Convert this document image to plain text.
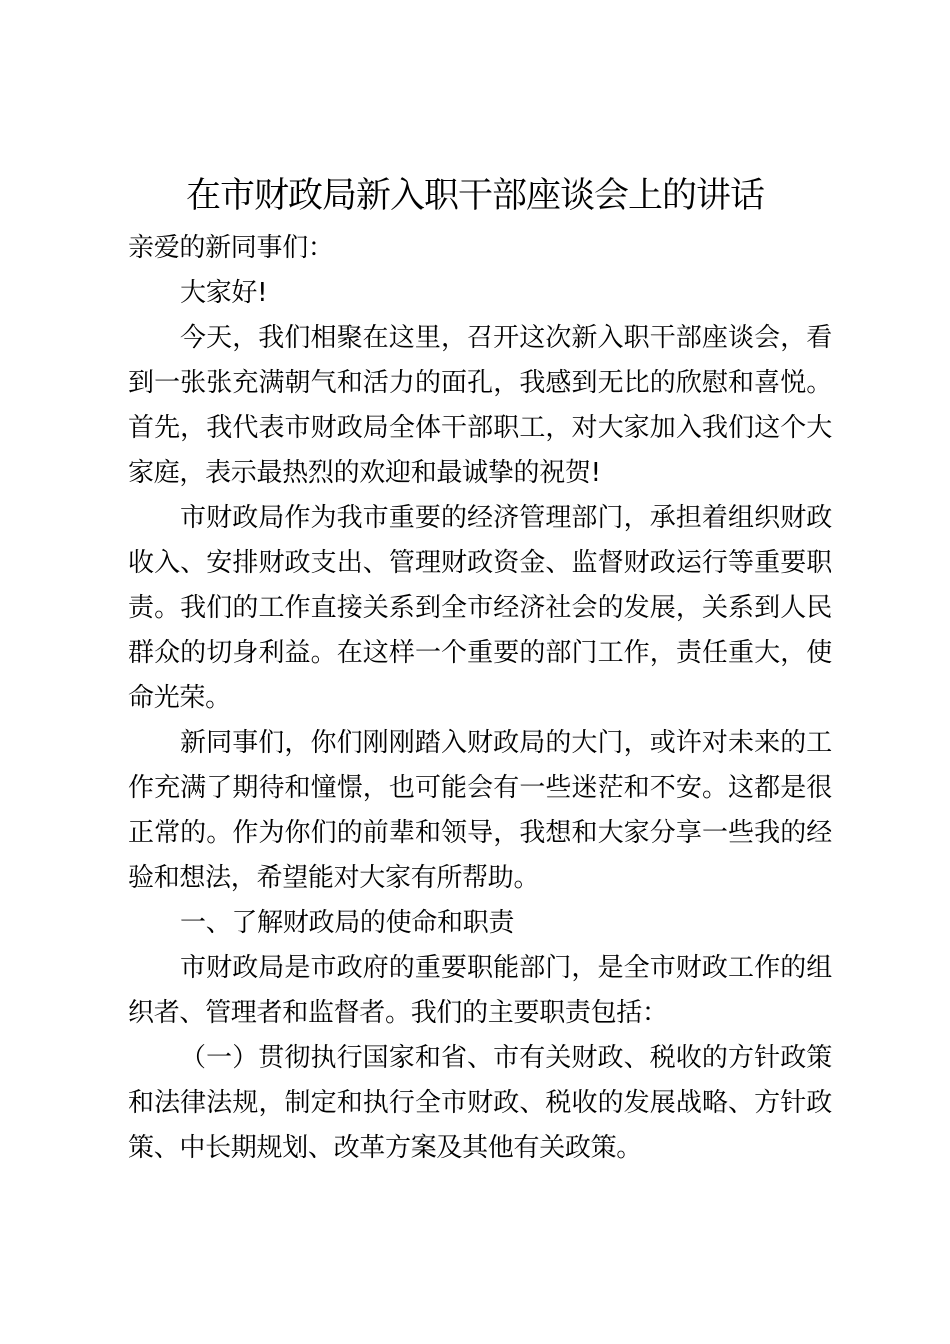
在市财政局新入职干部座谈会上的讲话

亲爱的新同事们：

大家好!

今天，我们相聚在这里，召开这次新入职干部座谈会，看到一张张充满朝气和活力的面孔，我感到无比的欣慰和喜悦。首先，我代表市财政局全体干部职工，对大家加入我们这个大家庭，表示最热烈的欢迎和最诚挚的祝贺!

市财政局作为我市重要的经济管理部门，承担着组织财政收入、安排财政支出、管理财政资金、监督财政运行等重要职责。我们的工作直接关系到全市经济社会的发展，关系到人民群众的切身利益。在这样一个重要的部门工作，责任重大，使命光荣。

新同事们，你们刚刚踏入财政局的大门，或许对未来的工作充满了期待和憧憬，也可能会有一些迷茫和不安。这都是很正常的。作为你们的前辈和领导，我想和大家分享一些我的经验和想法，希望能对大家有所帮助。

一、了解财政局的使命和职责

市财政局是市政府的重要职能部门，是全市财政工作的组织者、管理者和监督者。我们的主要职责包括：

（一）贯彻执行国家和省、市有关财政、税收的方针政策和法律法规，制定和执行全市财政、税收的发展战略、方针政策、中长期规划、改革方案及其他有关政策。
